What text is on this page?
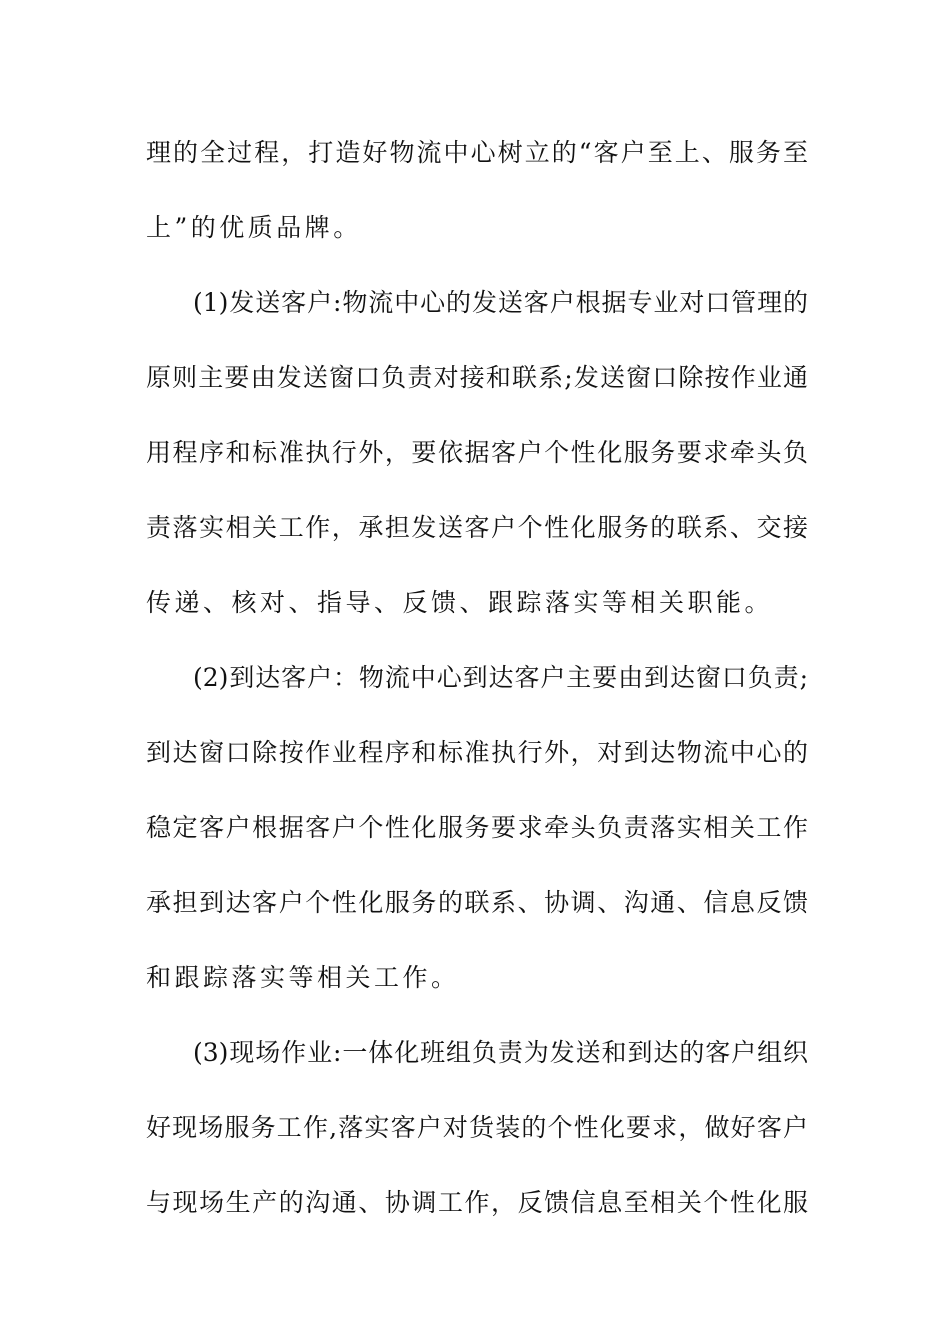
理的全过程，打造好物流中心树立的“客户至上、服务至
上”的优质品牌。
(1)发送客户:物流中心的发送客户根据专业对口管理的
原则主要由发送窗口负责对接和联系;发送窗口除按作业通
用程序和标准执行外，要依据客户个性化服务要求牵头负
责落实相关工作，承担发送客户个性化服务的联系、交接
传递、核对、指导、反馈、跟踪落实等相关职能。
(2)到达客户：物流中心到达客户主要由到达窗口负责;
到达窗口除按作业程序和标准执行外，对到达物流中心的
稳定客户根据客户个性化服务要求牵头负责落实相关工作
承担到达客户个性化服务的联系、协调、沟通、信息反馈
和跟踪落实等相关工作。
(3)现场作业:一体化班组负责为发送和到达的客户组织
好现场服务工作,落实客户对货装的个性化要求，做好客户
与现场生产的沟通、协调工作，反馈信息至相关个性化服
